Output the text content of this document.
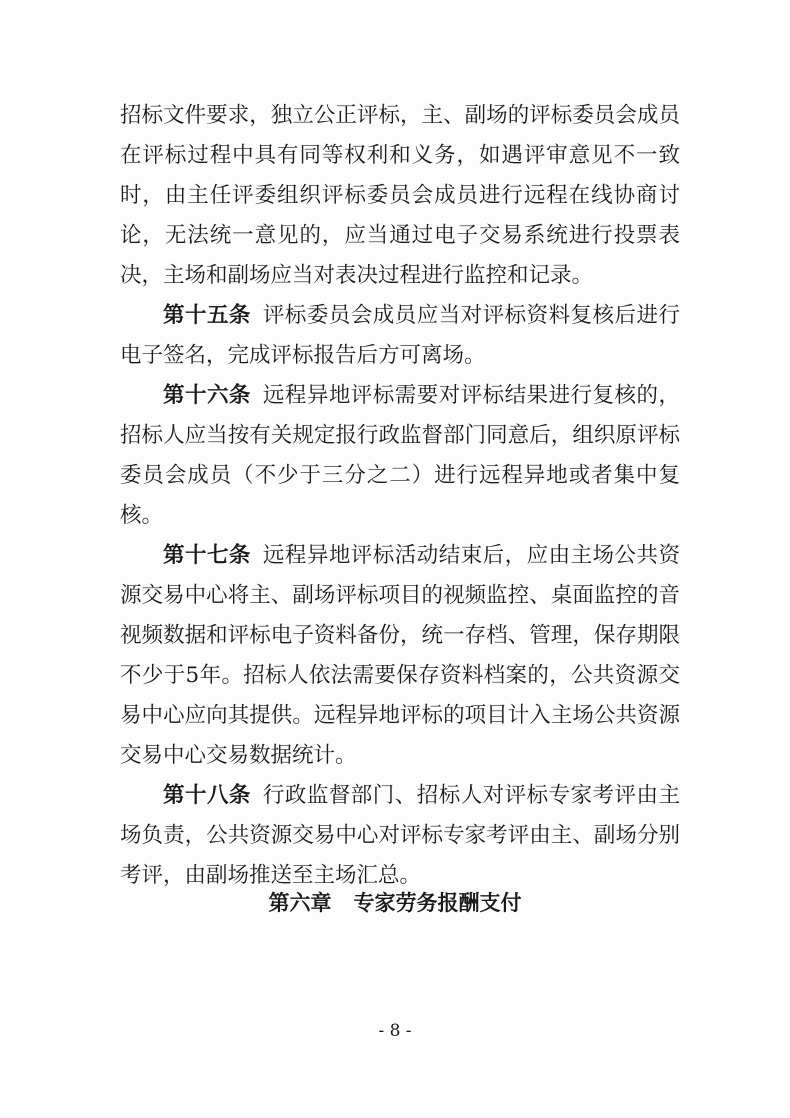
招标文件要求，独立公正评标，主、副场的评标委员会成员在评标过程中具有同等权利和义务，如遇评审意见不一致时，由主任评委组织评标委员会成员进行远程在线协商讨论，无法统一意见的，应当通过电子交易系统进行投票表决，主场和副场应当对表决过程进行监控和记录。

第十五条 评标委员会成员应当对评标资料复核后进行电子签名，完成评标报告后方可离场。

第十六条 远程异地评标需要对评标结果进行复核的，招标人应当按有关规定报行政监督部门同意后，组织原评标委员会成员（不少于三分之二）进行远程异地或者集中复核。

第十七条 远程异地评标活动结束后，应由主场公共资源交易中心将主、副场评标项目的视频监控、桌面监控的音视频数据和评标电子资料备份，统一存档、管理，保存期限不少于5年。招标人依法需要保存资料档案的，公共资源交易中心应向其提供。远程异地评标的项目计入主场公共资源交易中心交易数据统计。

第十八条 行政监督部门、招标人对评标专家考评由主场负责，公共资源交易中心对评标专家考评由主、副场分别考评，由副场推送至主场汇总。

第六章 专家劳务报酬支付
- 8 -
